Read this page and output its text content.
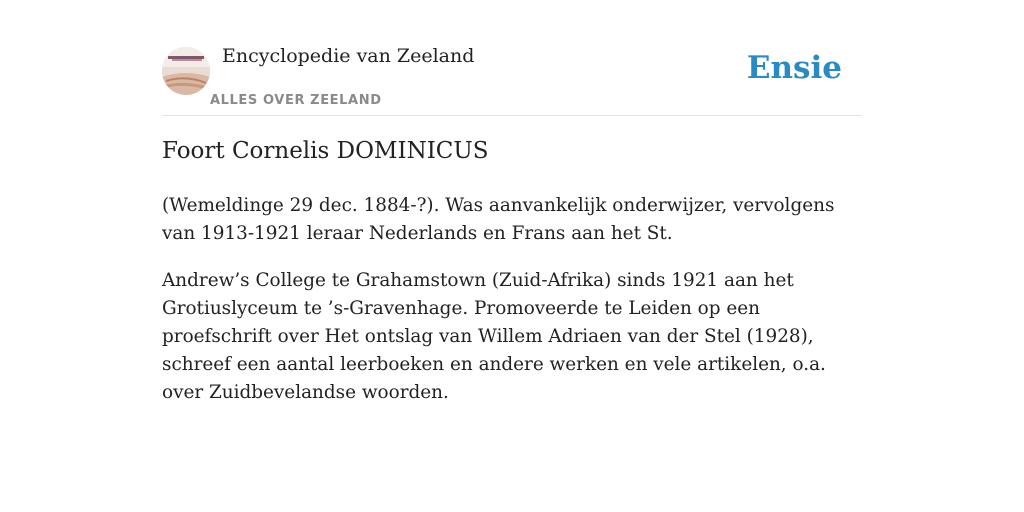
Encyclopedie van Zeeland
ALLES OVER ZEELAND
Ensie
Foort Cornelis DOMINICUS

(Wemeldinge 29 dec. 1884-?). Was aanvankelijk onderwijzer, vervolgens van 1913-1921 leraar Nederlands en Frans aan het St.

Andrew’s College te Grahamstown (Zuid-Afrika) sinds 1921 aan het Grotiuslyceum te ’s-Gravenhage. Promoveerde te Leiden op een proefschrift over Het ontslag van Willem Adriaen van der Stel (1928), schreef een aantal leerboeken en andere werken en vele artikelen, o.a. over Zuidbevelandse woorden.
